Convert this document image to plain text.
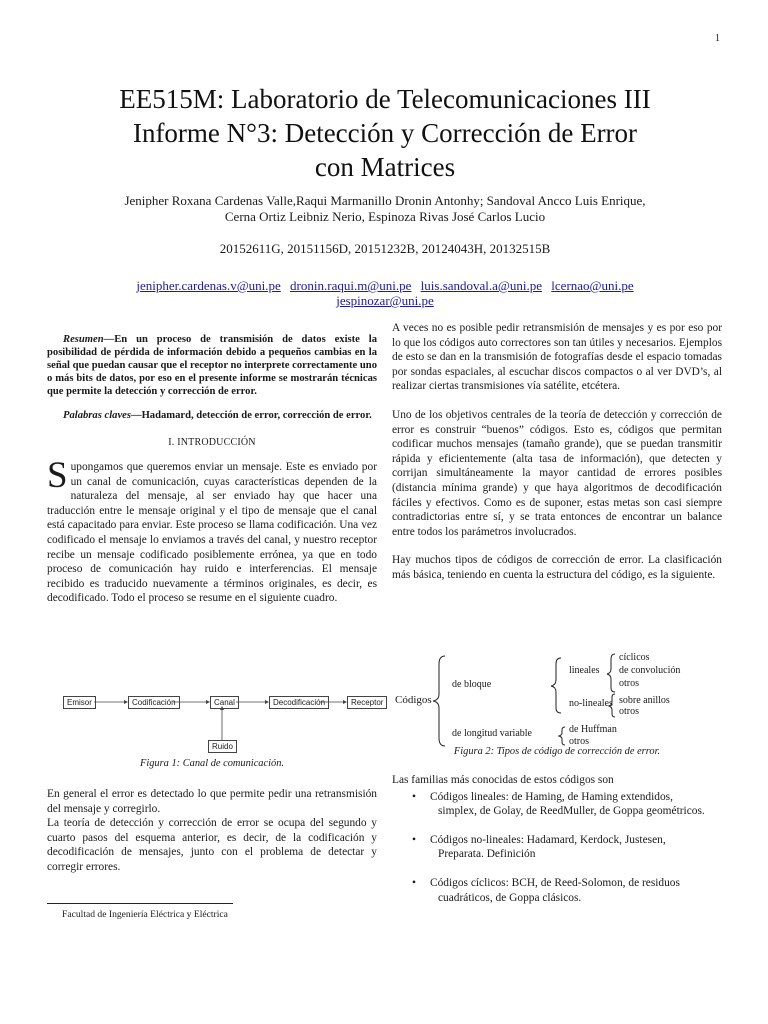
1
EE515M: Laboratorio de Telecomunicaciones III
Informe N°3: Detección y Corrección de Error
con Matrices
Jenipher Roxana Cardenas Valle,Raqui Marmanillo Dronin Antonhy; Sandoval Ancco Luis Enrique,
Cerna Ortiz Leibniz Nerio, Espinoza Rivas José Carlos Lucio
20152611G, 20151156D, 20151232B, 20124043H, 20132515B
jenipher.cardenas.v@uni.pe dronin.raqui.m@uni.pe luis.sandoval.a@uni.pe lcernao@uni.pe
jespinozar@uni.pe

Resumen—En un proceso de transmisión de datos existe la posibilidad de pérdida de información debido a pequeños cambias en la señal que puedan causar que el receptor no interprete correctamente uno o más bits de datos, por eso en el presente informe se mostrarán técnicas que permite la detección y corrección de error.

Palabras claves—Hadamard, detección de error, corrección de error.

I. INTRODUCCIÓN

Supongamos que queremos enviar un mensaje. Este es enviado por un canal de comunicación, cuyas características dependen de la naturaleza del mensaje, al ser enviado hay que hacer una traducción entre le mensaje original y el tipo de mensaje que el canal está capacitado para enviar. Este proceso se llama codificación. Una vez codificado el mensaje lo enviamos a través del canal, y nuestro receptor recibe un mensaje codificado posiblemente errónea, ya que en todo proceso de comunicación hay ruido e interferencias. El mensaje recibido es traducido nuevamente a términos originales, es decir, es decodificado. Todo el proceso se resume en el siguiente cuadro.

Emisor	Codificación	Canal	Decodificación	Receptor
Ruido
Figura 1: Canal de comunicación.

En general el error es detectado lo que permite pedir una retransmisión del mensaje y corregirlo.

La teoría de detección y corrección de error se ocupa del segundo y cuarto pasos del esquema anterior, es decir, de la codificación y decodificación de mensajes, junto con el problema de detectar y corregir errores.

Facultad de Ingeniería Eléctrica y Eléctrica

A veces no es posible pedir retransmisión de mensajes y es por eso por lo que los códigos auto correctores son tan útiles y necesarios. Ejemplos de esto se dan en la transmisión de fotografías desde el espacio tomadas por sondas espaciales, al escuchar discos compactos o al ver DVD’s, al realizar ciertas transmisiones vía satélite, etcétera.

Uno de los objetivos centrales de la teoría de detección y corrección de error es construir “buenos” códigos. Esto es, códigos que permitan codificar muchos mensajes (tamaño grande), que se puedan transmitir rápida y eficientemente (alta tasa de información), que detecten y corrijan simultáneamente la mayor cantidad de errores posibles (distancia mínima grande) y que haya algoritmos de decodificación fáciles y efectivos. Como es de suponer, estas metas son casi siempre contradictorias entre sí, y se trata entonces de encontrar un balance entre todos los parámetros involucrados.

Hay muchos tipos de códigos de corrección de error. La clasificación más básica, teniendo en cuenta la estructura del código, es la siguiente.

Códigos
de bloque
de longitud variable
lineales
no-lineales
cíclicos
de convolución
otros
sobre anillos
otros
de Huffman
otros
Figura 2: Tipos de código de corrección de error.

Las familias más conocidas de estos códigos son

• Códigos lineales: de Haming, de Haming extendidos,
simplex, de Golay, de ReedMuller, de Goppa geométricos.
• Códigos no-lineales: Hadamard, Kerdock, Justesen,
Preparata. Definición
• Códigos cíclicos: BCH, de Reed-Solomon, de residuos
cuadráticos, de Goppa clásicos.
